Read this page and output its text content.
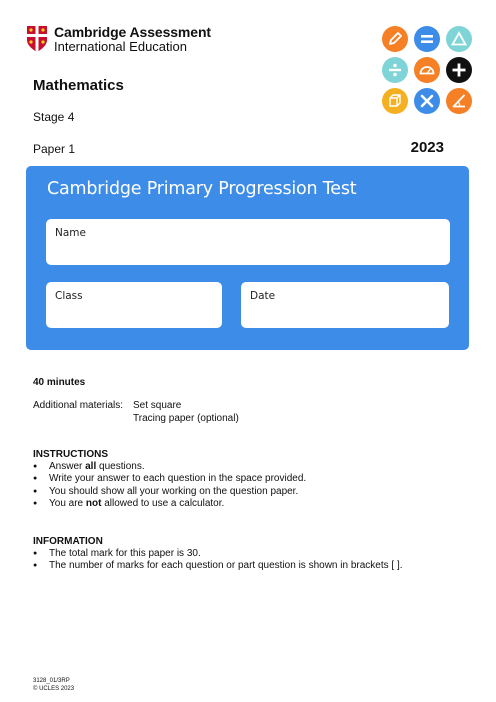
Cambridge Assessment
International Education
Mathematics
Stage 4
Paper 1	2023
Cambridge Primary Progression Test
Name
Class	Date
40 minutes
Additional materials: Set square
Tracing paper (optional)
INSTRUCTIONS
● Answer all questions.
● Write your answer to each question in the space provided.
● You should show all your working on the question paper.
● You are not allowed to use a calculator.
INFORMATION
● The total mark for this paper is 30.
● The number of marks for each question or part question is shown in brackets [ ].
3128_01/3RP
© UCLES 2023
